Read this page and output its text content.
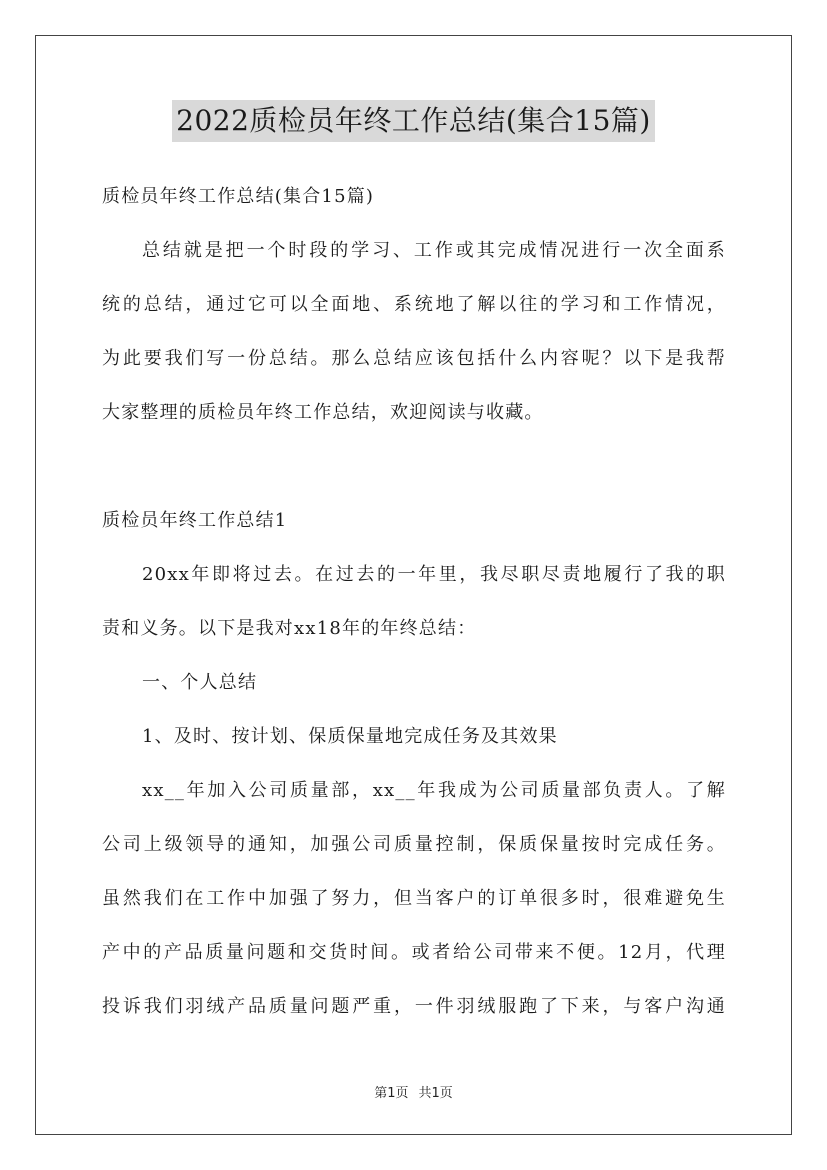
2022质检员年终工作总结(集合15篇)
质检员年终工作总结(集合15篇)
总结就是把一个时段的学习、工作或其完成情况进行一次全面系
统的总结，通过它可以全面地、系统地了解以往的学习和工作情况，
为此要我们写一份总结。那么总结应该包括什么内容呢？以下是我帮
大家整理的质检员年终工作总结，欢迎阅读与收藏。
质检员年终工作总结1
20xx年即将过去。在过去的一年里，我尽职尽责地履行了我的职
责和义务。以下是我对xx18年的年终总结：
一、个人总结
1、及时、按计划、保质保量地完成任务及其效果
xx__年加入公司质量部，xx__年我成为公司质量部负责人。了解
公司上级领导的通知，加强公司质量控制，保质保量按时完成任务。
虽然我们在工作中加强了努力，但当客户的订单很多时，很难避免生
产中的产品质量问题和交货时间。或者给公司带来不便。12月，代理
投诉我们羽绒产品质量问题严重，一件羽绒服跑了下来，与客户沟通
第1页 共1页
